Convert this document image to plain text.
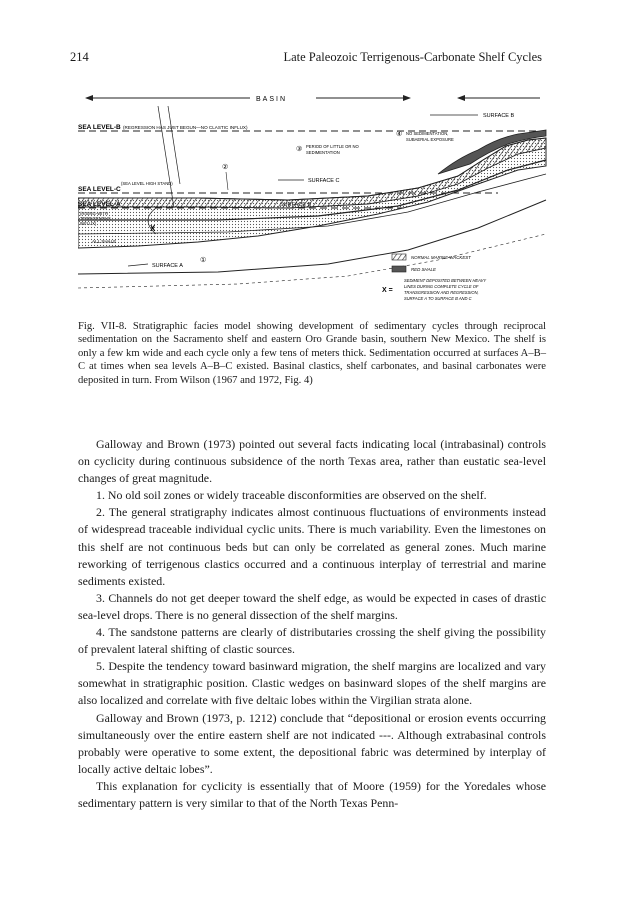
214	Late Paleozoic Terrigenous-Carbonate Shelf Cycles
BASIN
SEA LEVEL-B (REGRESSION HAS JUST BEGUN—NO CLASTIC INFLUX)
SURFACE B
④ NO SEDIMENTATION,
SUBAERIAL EXPOSURE
③ PERIOD OF LITTLE OR NO
SEDIMENTATION
②
SURFACE C
SEA LEVEL-C
(SEA LEVEL HIGH STAND)
X
ALL SHALE
①
SURFACE A
NORMAL MARINE WACKEST
RED SHALE
X =
SEDIMENT DEPOSITED BETWEEN HEAVY
LINES DURING COMPLETE CYCLE OF
TRANSGRESSION AND REGRESSION,
SURFACE A TO SURFACE B AND C
Fig. VII-8. Stratigraphic facies model showing development of sedimentary cycles through reciprocal sedimentation on the Sacramento shelf and eastern Oro Grande basin, southern New Mexico. The shelf is only a few km wide and each cycle only a few tens of meters thick. Sedimentation occurred at surfaces A–B–C at times when sea levels A–B–C existed. Basinal clastics, shelf carbonates, and basinal carbonates were deposited in turn. From Wilson (1967 and 1972, Fig. 4)

Galloway and Brown (1973) pointed out several facts indicating local (intrabasinal) controls on cyclicity during continuous subsidence of the north Texas area, rather than eustatic sea-level changes of great magnitude.

1. No old soil zones or widely traceable disconformities are observed on the shelf.

2. The general stratigraphy indicates almost continuous fluctuations of environments instead of widespread traceable individual cyclic units. There is much variability. Even the limestones on this shelf are not continuous beds but can only be correlated as general zones. Much marine reworking of terrigenous clastics occurred and a continuous interplay of terrestrial and marine sediments existed.

3. Channels do not get deeper toward the shelf edge, as would be expected in cases of drastic sea-level drops. There is no general dissection of the shelf margins.

4. The sandstone patterns are clearly of distributaries crossing the shelf giving the possibility of prevalent lateral shifting of clastic sources.

5. Despite the tendency toward basinward migration, the shelf margins are localized and vary somewhat in stratigraphic position. Clastic wedges on basinward slopes of the shelf margins are also localized and correlate with five deltaic lobes within the Virgilian strata alone.

Galloway and Brown (1973, p. 1212) conclude that “depositional or erosion events occurring simultaneously over the entire eastern shelf are not indicated ---. Although extrabasinal controls probably were operative to some extent, the depositional fabric was determined by interplay of locally active deltaic lobes”.

This explanation for cyclicity is essentially that of Moore (1959) for the Yoredales whose sedimentary pattern is very similar to that of the North Texas Penn-
